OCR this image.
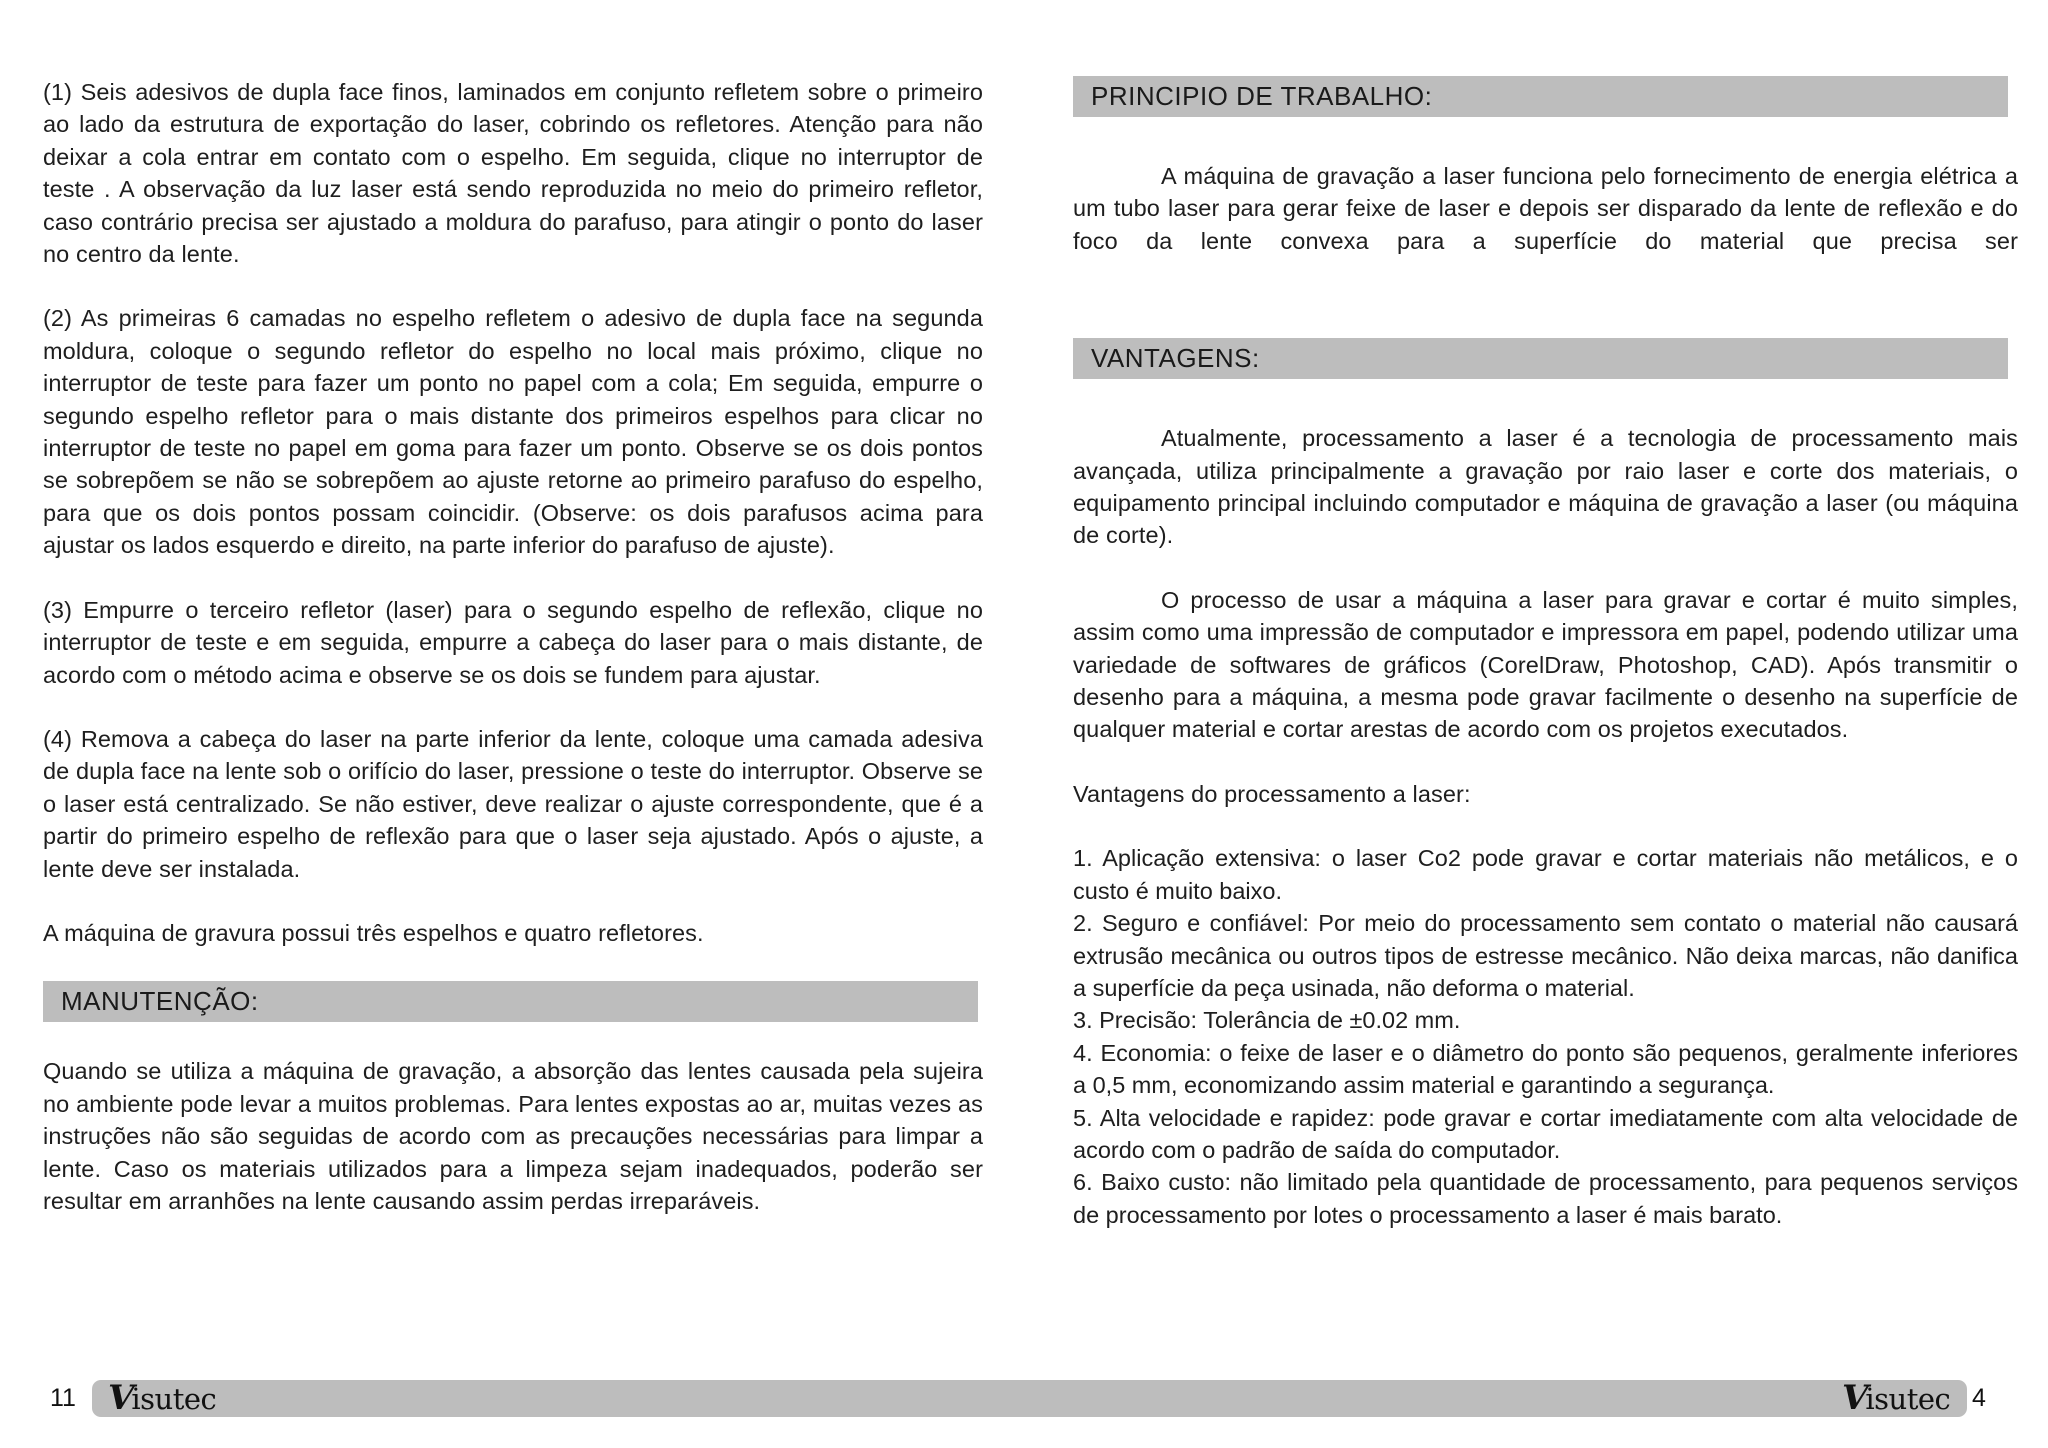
(1) Seis adesivos de dupla face finos, laminados em conjunto refletem sobre o primeiro ao lado da estrutura de exportação do laser, cobrindo os refletores. Atenção para não deixar a cola entrar em contato com o espelho. Em seguida, clique no interruptor de teste . A observação da luz laser está sendo reproduzida no meio do primeiro refletor, caso contrário precisa ser ajustado a moldura do parafuso, para atingir o ponto do laser no centro da lente.

(2) As primeiras 6 camadas no espelho refletem o adesivo de dupla face na segunda moldura, coloque o segundo refletor do espelho no local mais próximo, clique no interruptor de teste para fazer um ponto no papel com a cola; Em seguida, empurre o segundo espelho refletor para o mais distante dos primeiros espelhos para clicar no interruptor de teste no papel em goma para fazer um ponto. Observe se os dois pontos se sobrepõem se não se sobrepõem ao ajuste retorne ao primeiro parafuso do espelho, para que os dois pontos possam coincidir. (Observe: os dois parafusos acima para ajustar os lados esquerdo e direito, na parte inferior do parafuso de ajuste).

(3) Empurre o terceiro refletor (laser) para o segundo espelho de reflexão, clique no interruptor de teste e em seguida, empurre a cabeça do laser para o mais distante, de acordo com o método acima e observe se os dois se fundem para ajustar.

(4) Remova a cabeça do laser na parte inferior da lente, coloque uma camada adesiva de dupla face na lente sob o orifício do laser, pressione o teste do interruptor. Observe se o laser está centralizado. Se não estiver, deve realizar o ajuste correspondente, que é a partir do primeiro espelho de reflexão para que o laser seja ajustado. Após o ajuste, a lente deve ser instalada.

A máquina de gravura possui três espelhos e quatro refletores.

MANUTENÇÃO:

Quando se utiliza a máquina de gravação, a absorção das lentes causada pela sujeira no ambiente pode levar a muitos problemas. Para lentes expostas ao ar, muitas vezes as instruções não são seguidas de acordo com as precauções necessárias para limpar a lente. Caso os materiais utilizados para a limpeza sejam inadequados, poderão ser resultar em arranhões na lente causando assim perdas irreparáveis.

PRINCIPIO DE TRABALHO:

A máquina de gravação a laser funciona pelo fornecimento de energia elétrica a um tubo laser para gerar feixe de laser e depois ser disparado da lente de reflexão e do foco da lente convexa para a superfície do material que precisa ser

VANTAGENS:

Atualmente, processamento a laser é a tecnologia de processamento mais avançada, utiliza principalmente a gravação por raio laser e corte dos materiais, o equipamento principal incluindo computador e máquina de gravação a laser (ou máquina de corte).

O processo de usar a máquina a laser para gravar e cortar é muito simples, assim como uma impressão de computador e impressora em papel, podendo utilizar uma variedade de softwares de gráficos (CorelDraw, Photoshop, CAD). Após transmitir o desenho para a máquina, a mesma pode gravar facilmente o desenho na superfície de qualquer material e cortar arestas de acordo com os projetos executados.

Vantagens do processamento a laser:

1. Aplicação extensiva: o laser Co2 pode gravar e cortar materiais não metálicos, e o custo é muito baixo.

2. Seguro e confiável: Por meio do processamento sem contato o material não causará extrusão mecânica ou outros tipos de estresse mecânico. Não deixa marcas, não danifica a superfície da peça usinada, não deforma o material.

3. Precisão: Tolerância de ±0.02 mm.

4. Economia: o feixe de laser e o diâmetro do ponto são pequenos, geralmente inferiores a 0,5 mm, economizando assim material e garantindo a segurança.

5. Alta velocidade e rapidez: pode gravar e cortar imediatamente com alta velocidade de acordo com o padrão de saída do computador.

6. Baixo custo: não limitado pela quantidade de processamento, para pequenos serviços de processamento por lotes o processamento a laser é mais barato.

11	4
Visutec	Visutec
